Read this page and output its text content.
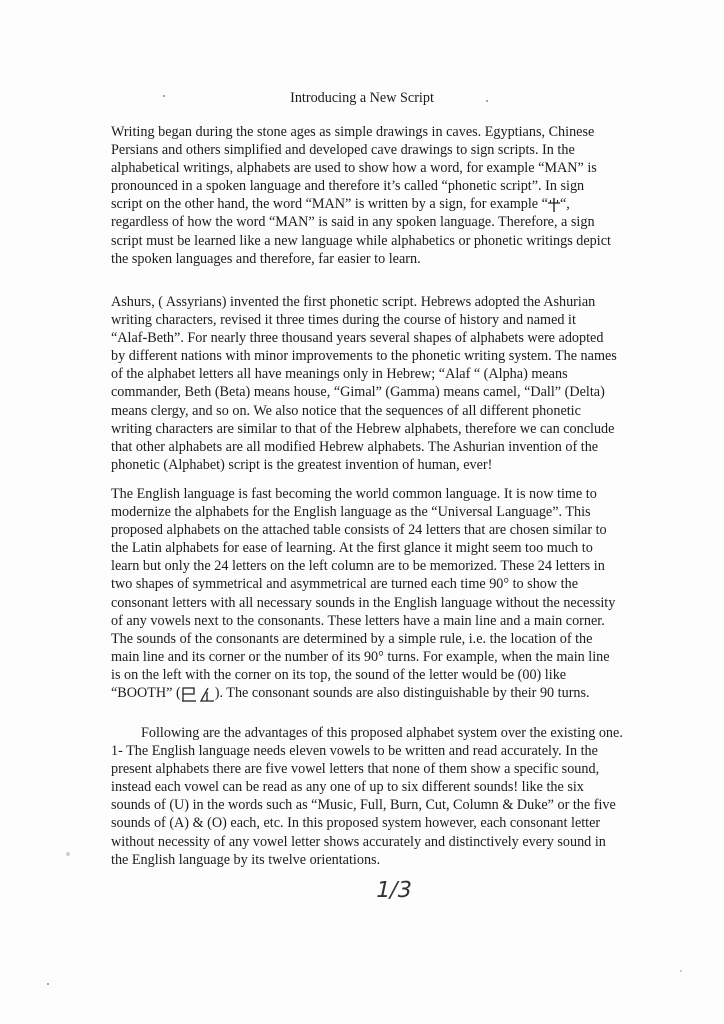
Introducing a New Script

Writing began during the stone ages as simple drawings in caves. Egyptians, Chinese
Persians and others simplified and developed cave drawings to sign scripts. In the
alphabetical writings, alphabets are used to show how a word, for example “MAN” is
pronounced in a spoken language and therefore it’s called “phonetic script”. In sign
script on the other hand, the word “MAN” is written by a sign, for example “ “,
regardless of how the word “MAN” is said in any spoken language. Therefore, a sign
script must be learned like a new language while alphabetics or phonetic writings depict
the spoken languages and therefore, far easier to learn.

Ashurs, ( Assyrians) invented the first phonetic script. Hebrews adopted the Ashurian
writing characters, revised it three times during the course of history and named it
“Alaf-Beth”. For nearly three thousand years several shapes of alphabets were adopted
by different nations with minor improvements to the phonetic writing system. The names
of the alphabet letters all have meanings only in Hebrew; “Alaf “ (Alpha) means
commander, Beth (Beta) means house, “Gimal” (Gamma) means camel, “Dall” (Delta)
means clergy, and so on. We also notice that the sequences of all different phonetic
writing characters are similar to that of the Hebrew alphabets, therefore we can conclude
that other alphabets are all modified Hebrew alphabets. The Ashurian invention of the
phonetic (Alphabet) script is the greatest invention of human, ever!

The English language is fast becoming the world common language. It is now time to
modernize the alphabets for the English language as the “Universal Language”. This
proposed alphabets on the attached table consists of 24 letters that are chosen similar to
the Latin alphabets for ease of learning. At the first glance it might seem too much to
learn but only the 24 letters on the left column are to be memorized. These 24 letters in
two shapes of symmetrical and asymmetrical are turned each time 90° to show the
consonant letters with all necessary sounds in the English language without the necessity
of any vowels next to the consonants. These letters have a main line and a main corner.
The sounds of the consonants are determined by a simple rule, i.e. the location of the
main line and its corner or the number of its 90° turns. For example, when the main line
is on the left with the corner on its top, the sound of the letter would be (00) like
“BOOTH” ( ). The consonant sounds are also distinguishable by their 90 turns.

Following are the advantages of this proposed alphabet system over the existing one.
1- The English language needs eleven vowels to be written and read accurately. In the
present alphabets there are five vowel letters that none of them show a specific sound,
instead each vowel can be read as any one of up to six different sounds! like the six
sounds of (U) in the words such as “Music, Full, Burn, Cut, Column & Duke” or the five
sounds of (A) & (O) each, etc. In this proposed system however, each consonant letter
without necessity of any vowel letter shows accurately and distinctively every sound in
the English language by its twelve orientations.

1/3
